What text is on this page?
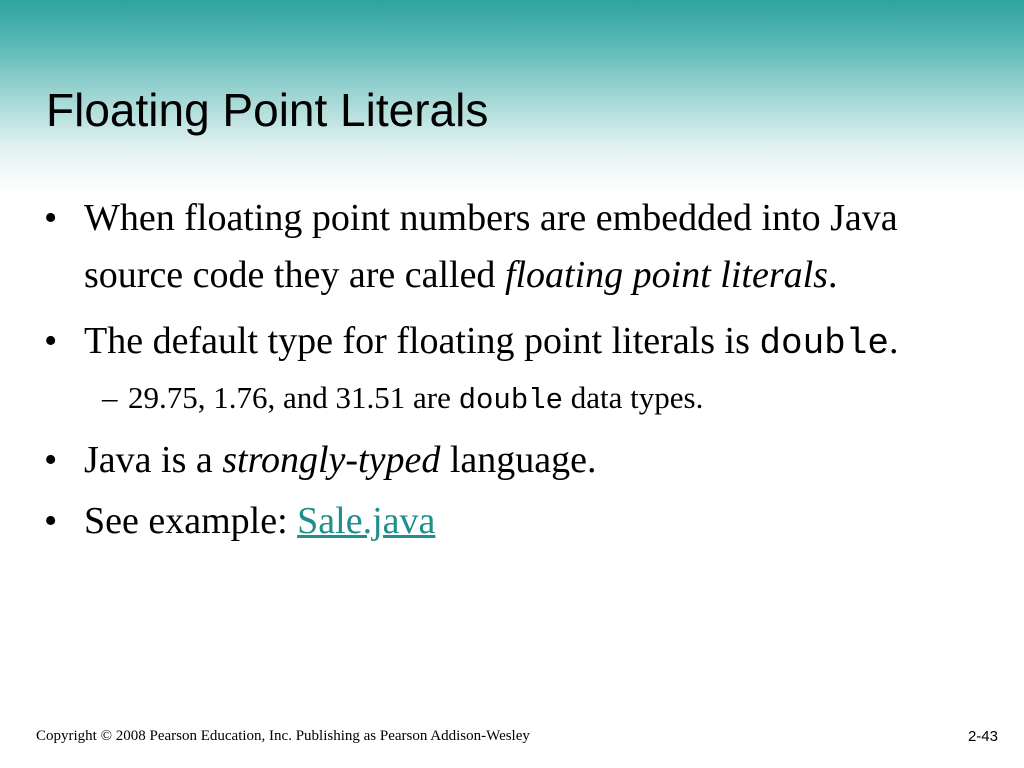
Floating Point Literals
• When floating point numbers are embedded into Java source code they are called floating point literals.
• The default type for floating point literals is double.
– 29.75, 1.76, and 31.51 are double data types.
• Java is a strongly-typed language.
• See example: Sale.java
Copyright © 2008 Pearson Education, Inc. Publishing as Pearson Addison-Wesley	2-43
